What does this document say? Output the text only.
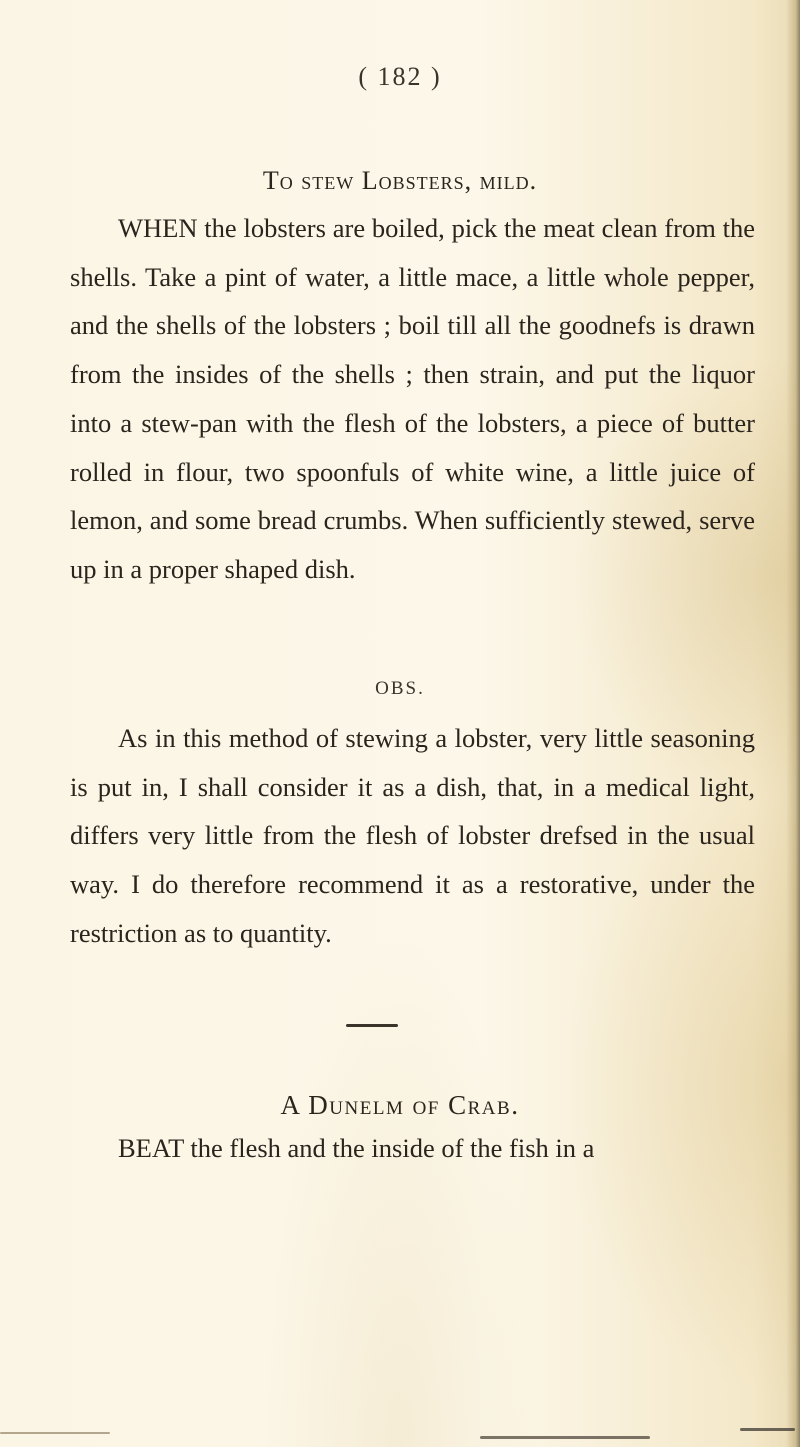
( 182 )
To stew Lobsters, mild.

WHEN the lobsters are boiled, pick the meat clean from the shells. Take a pint of water, a little mace, a little whole pepper, and the shells of the lobsters ; boil till all the goodnefs is drawn from the insides of the shells ; then strain, and put the liquor into a stew-pan with the flesh of the lobsters, a piece of butter rolled in flour, two spoonfuls of white wine, a little juice of lemon, and some bread crumbs. When sufficiently stewed, serve up in a proper shaped dish.

OBS.

As in this method of stewing a lobster, very little seasoning is put in, I shall consider it as a dish, that, in a medical light, differs very little from the flesh of lobster drefsed in the usual way. I do therefore recommend it as a restorative, under the restriction as to quantity.

A Dunelm of Crab.

BEAT the flesh and the inside of the fish in a
